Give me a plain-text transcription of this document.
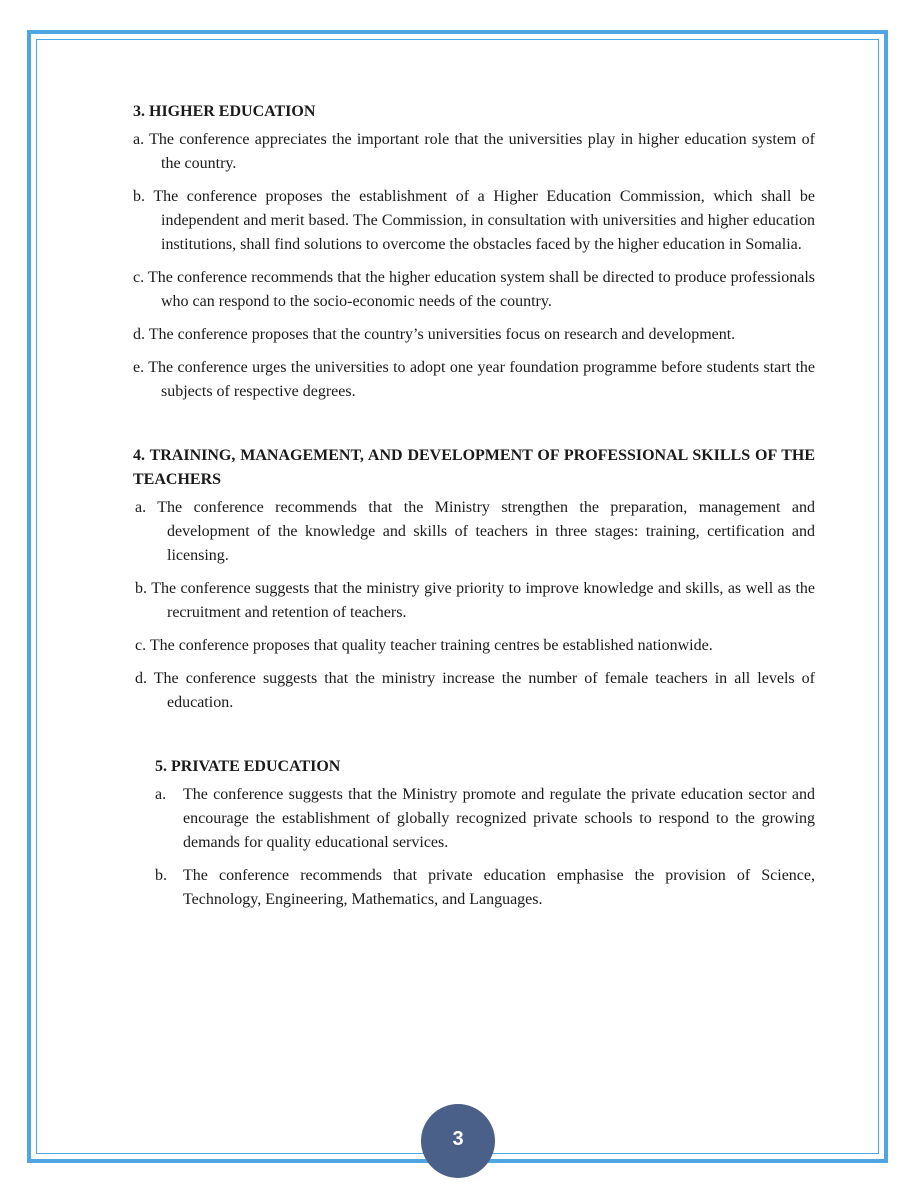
3. HIGHER EDUCATION
a. The conference appreciates the important role that the universities play in higher education system of the country.
b. The conference proposes the establishment of a Higher Education Commission, which shall be independent and merit based. The Commission, in consultation with universities and higher education institutions, shall find solutions to overcome the obstacles faced by the higher education in Somalia.
c. The conference recommends that the higher education system shall be directed to produce professionals who can respond to the socio-economic needs of the country.
d. The conference proposes that the country’s universities focus on research and development.
e. The conference urges the universities to adopt one year foundation programme before students start the subjects of respective degrees.
4. TRAINING, MANAGEMENT, AND DEVELOPMENT OF PROFESSIONAL SKILLS OF THE TEACHERS
a. The conference recommends that the Ministry strengthen the preparation, management and development of the knowledge and skills of teachers in three stages: training, certification and licensing.
b. The conference suggests that the ministry give priority to improve knowledge and skills, as well as the recruitment and retention of teachers.
c. The conference proposes that quality teacher training centres be established nationwide.
d. The conference suggests that the ministry increase the number of female teachers in all levels of education.
5. PRIVATE EDUCATION
a.	The conference suggests that the Ministry promote and regulate the private education sector and encourage the establishment of globally recognized private schools to respond to the growing demands for quality educational services.
b.	The conference recommends that private education emphasise the provision of Science, Technology, Engineering, Mathematics, and Languages.
3
